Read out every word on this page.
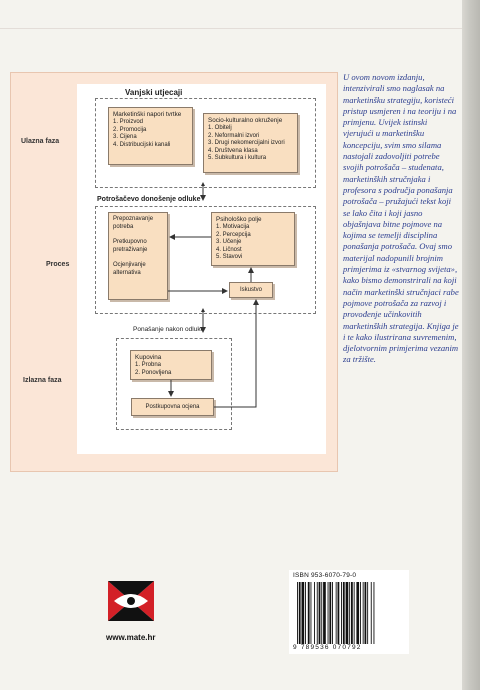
Ulazna faza
Proces
Izlazna faza
Vanjski utjecaji
Marketinški napori tvrtke
1. Proizvod
2. Promocija
3. Cijena
4. Distribucijski kanali
Socio-kulturalno okruženje
1. Obitelj
2. Neformalni izvori
3. Drugi nekomercijalni izvori
4. Društvena klasa
5. Subkultura i kultura
Potrošačevo donošenje odluke
Prepoznavanje potreba
Pretkupovno pretraživanje
Ocjenjivanje alternativa
Psihološko polje
1. Motivacija
2. Percepcija
3. Učenje
4. Ličnost
5. Stavovi
Iskustvo
Ponašanje nakon odluke
Kupovina
1. Probna
2. Ponovljena
Postkupovna ocjena
U ovom novom izdanju, intenzivirali smo naglasak na marketinšku strategiju, koristeći pristup usmjeren i na teoriju i na primjenu. Uvijek istinski vjerujući u marketinšku koncepciju, svim smo silama nastojali zadovoljiti potrebe svojih potrošača – studenata, marketinških stručnjaka i profesora s područja ponašanja potrošača – pružajući tekst koji se lako čita i koji jasno objašnjava bitne pojmove na kojima se temelji disciplina ponašanja potrošača. Ovaj smo materijal nadopunili brojnim primjerima iz «stvarnog svijeta», kako bismo demonstrirali na koji način marketinški stručnjaci rabe pojmove potrošača za razvoj i provođenje učinkovitih marketinških strategija. Knjiga je i te kako ilustrirana suvremenim, djelotvornim primjerima vezanim za tržište.
www.mate.hr
ISBN 953-6070-79-0
9 789536 070792
